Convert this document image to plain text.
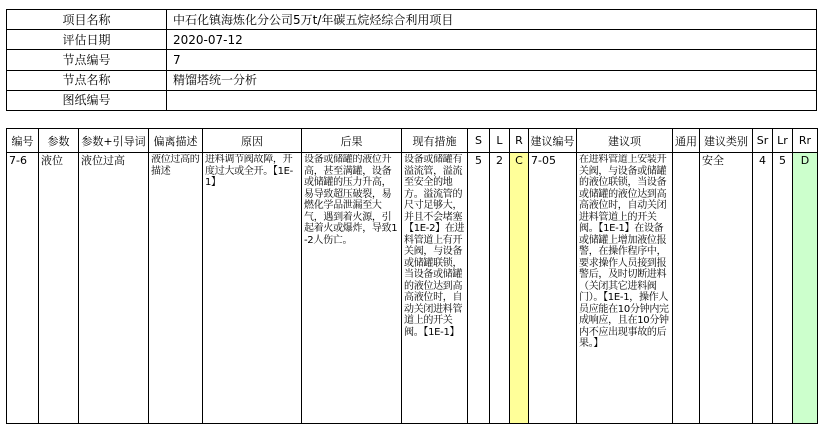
项目名称	中石化镇海炼化分公司5万t/年碳五烷烃综合利用项目
评估日期	2020-07-12
节点编号	7
节点名称	精馏塔统一分析
图纸编号	
编号	参数	参数+引导词	偏离描述	原因	后果	现有措施	S	L	R	建议编号	建议项	通用	建议类别	Sr	Lr	Rr

7-6	液位	液位过高	液位过高的描述	进料调节阀故障，开度过大或全开。【1E-1】	设备或储罐的液位升高，甚至满罐，设备或储罐的压力升高，易导致超压破裂，易燃化学品泄漏至大气，遇到着火源，引起着火或爆炸，导致1-2人伤亡。	设备或储罐有溢流管，溢流至安全的地方。溢流管的尺寸足够大，并且不会堵塞【1E-2】在进料管道上有开关阀，与设备或储罐联锁，当设备或储罐的液位达到高高液位时，自动关闭进料管道上的开关阀。【1E-1】	5	2	C	7-05	在进料管道上安装开关阀，与设备或储罐的液位联锁，当设备或储罐的液位达到高高液位时，自动关闭进料管道上的开关阀。【1E-1】在设备或储罐上增加液位报警，在操作程序中，要求操作人员接到报警后，及时切断进料（关闭其它进料阀门）。【1E-1，操作人员应能在10分钟内完成响应，且在10分钟内不应出现事故的后果。】		安全	4	5	D
